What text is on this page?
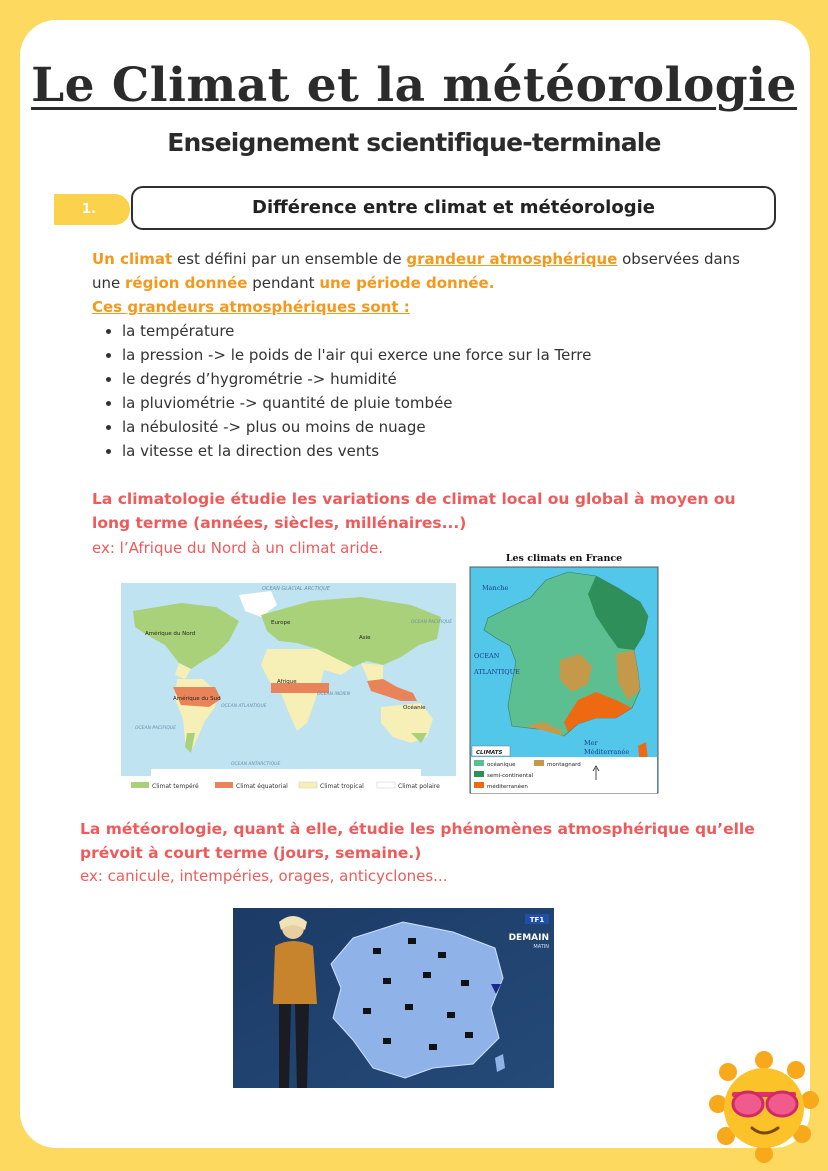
Le Climat et la météorologie
Enseignement scientifique-terminale
1.	Différence entre climat et météorologie

Un climat est défini par un ensemble de grandeur atmosphérique observées dans une région donnée pendant une période donnée.

Ces grandeurs atmosphériques sont :

• la température
• la pression -> le poids de l'air qui exerce une force sur la Terre
• le degrés d’hygrométrie -> humidité
• la pluviométrie -> quantité de pluie tombée
• la nébulosité -> plus ou moins de nuage
• la vitesse et la direction des vents

La climatologie étudie les variations de climat local ou global à moyen ou long terme (années, siècles, millénaires...)

ex: l’Afrique du Nord à un climat aride.

OCEAN GLACIAL ARCTIQUE
Amérique du Nord
Europe
Asie
OCEAN PACIFIQUE
Afrique
Amérique du Sud
OCEAN ATLANTIQUE
OCEAN INDIEN
Océanie
OCEAN PACIFIQUE
OCEAN ANTARCTIQUE
Climat tempéré	Climat équatorial	Climat tropical	Climat polaire
Les climats en France
Manche
OCEAN
ATLANTIQUE
Mer
Méditerranée
CLIMATS
océanique	montagnard
semi-continental
méditerranéen

La météorologie, quant à elle, étudie les phénomènes atmosphérique qu’elle prévoit à court terme (jours, semaine.)

ex: canicule, intempéries, orages, anticyclones...

TF1
DEMAIN
MATIN
